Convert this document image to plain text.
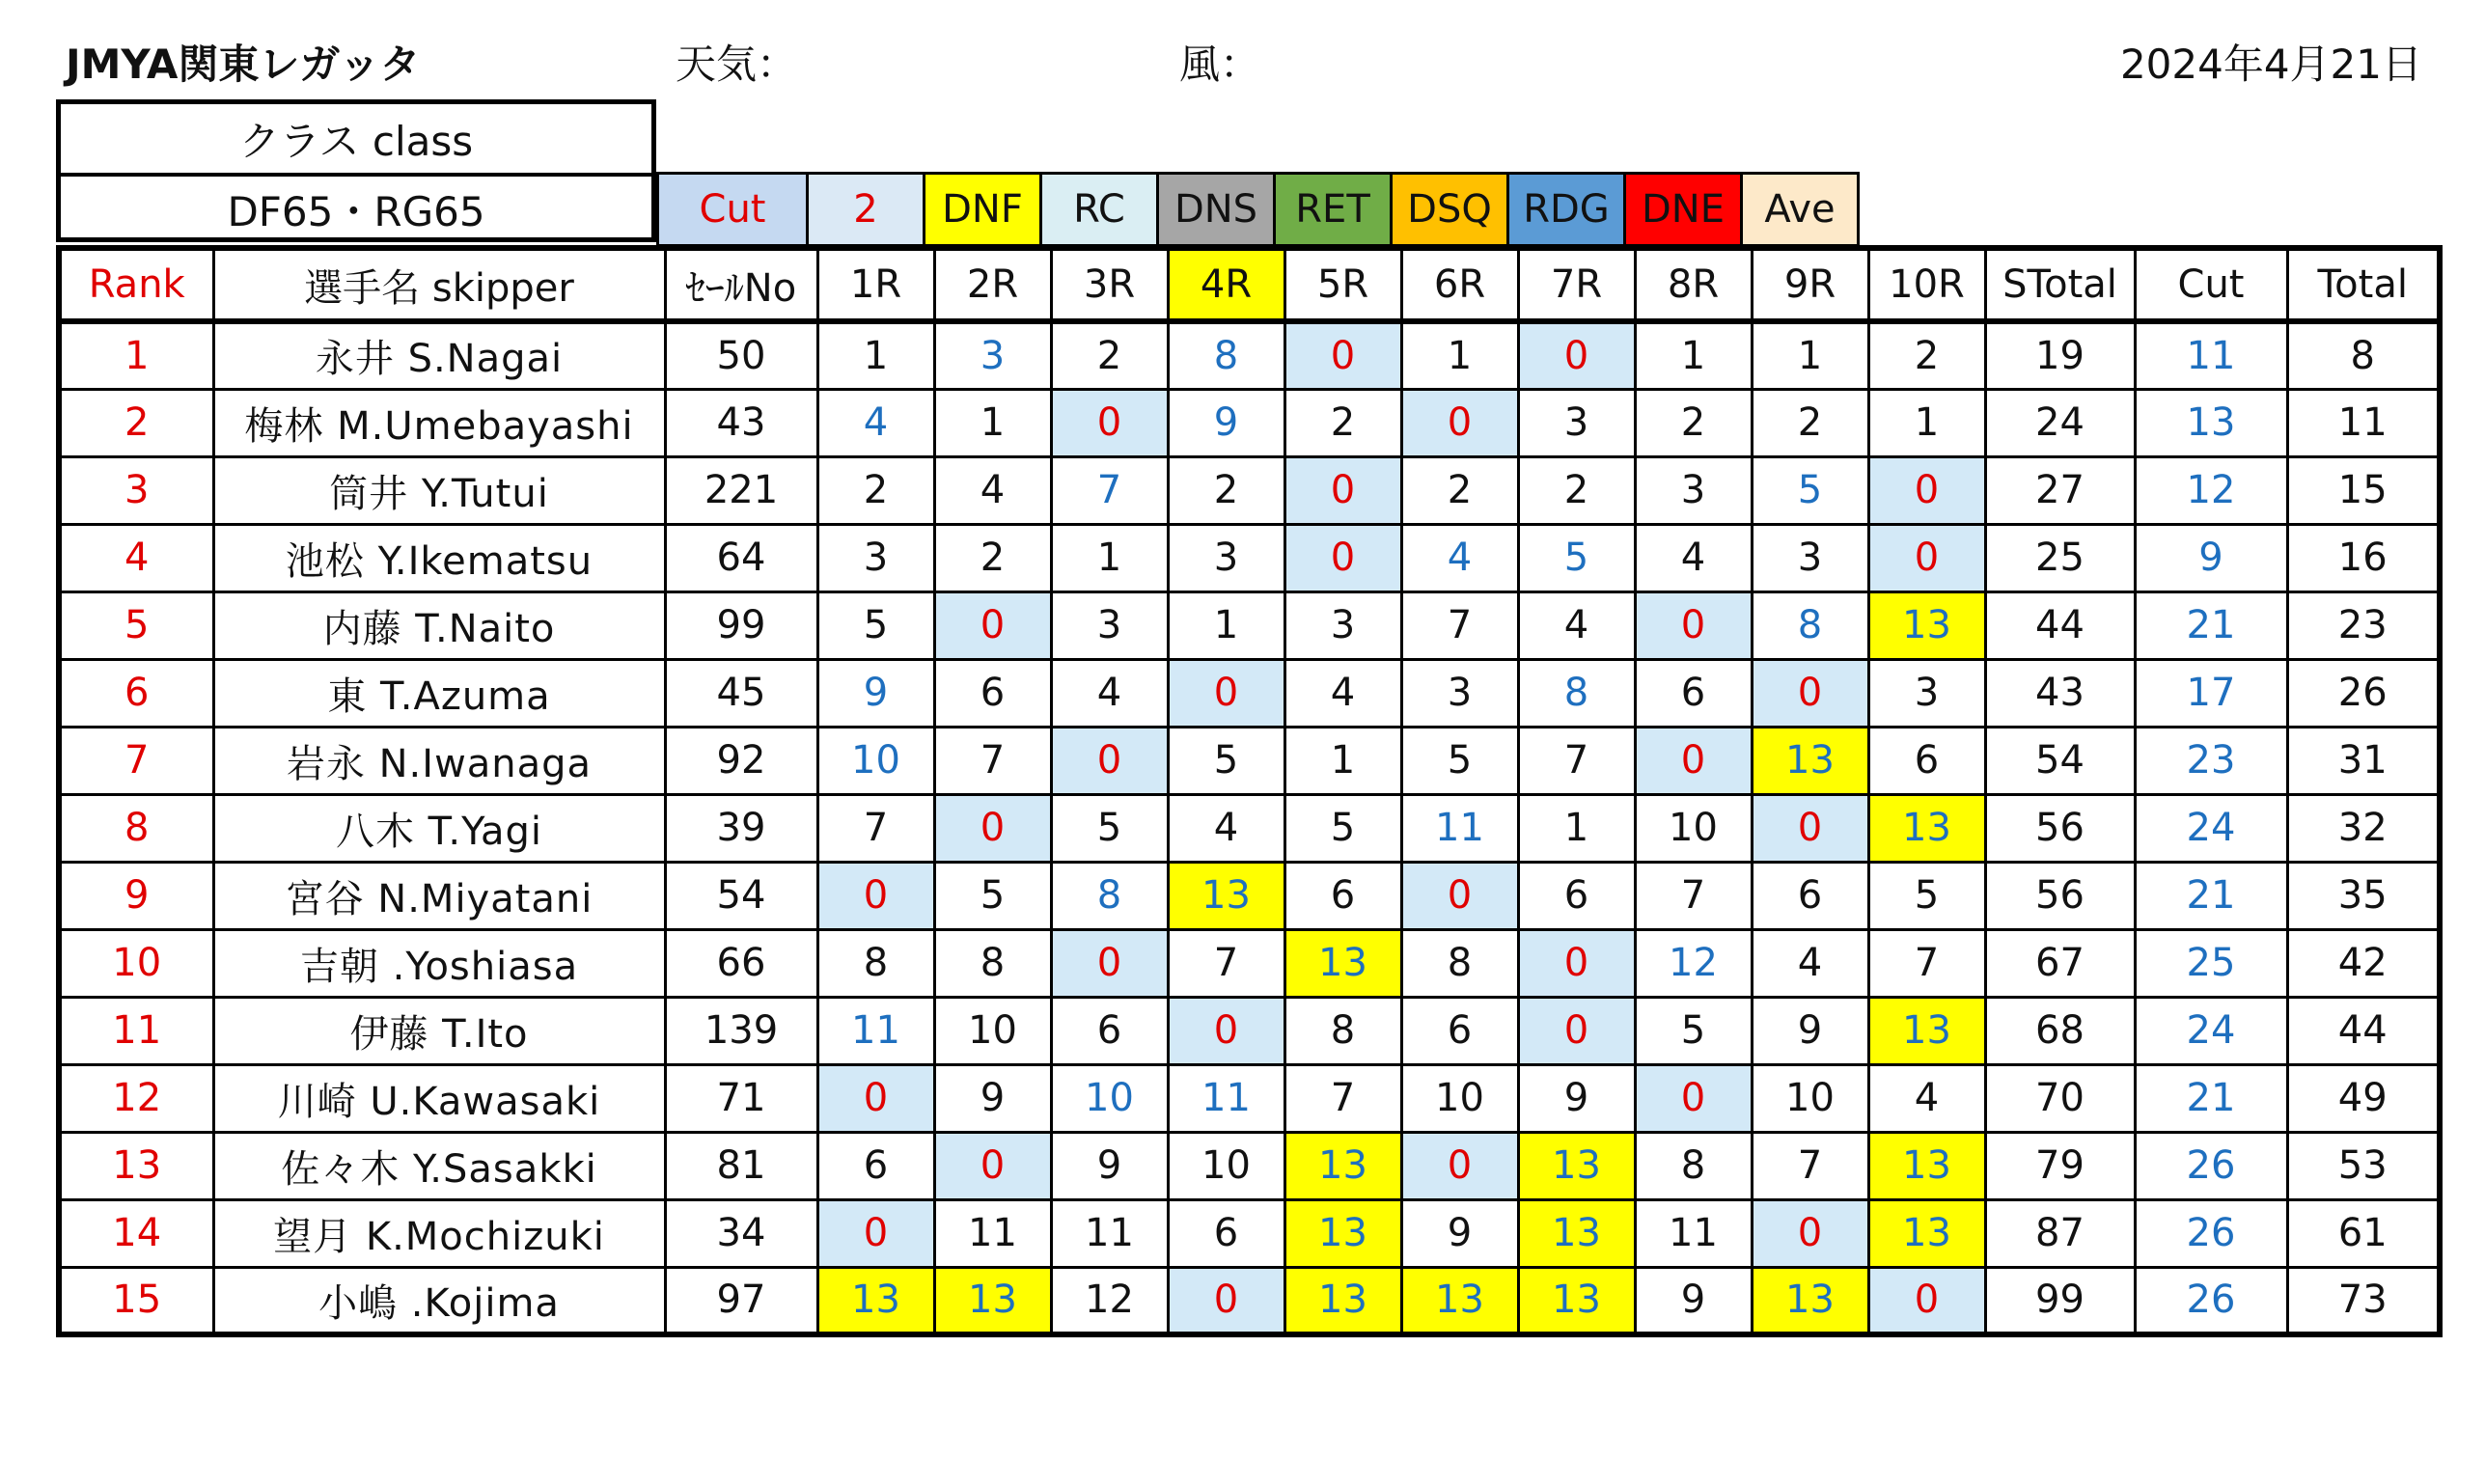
JMYA関東レガッタ	天気：	風：	2024年4月21日
クラス class
DF65・RG65	Cut	2	DNF	RC	DNS RET DSQ RDG DNE	Ave
Rank	選手名 skipper	ｾｰﾙNo	1R	2R	3R	4R	5R	6R	7R	8R	9R	10R	STotal	Cut	Total
1	永井 S.Nagai	50	1	3	2	8	0	1	0	1	1	2	19	11	8
2	梅林 M.Umebayashi	43	4	1	0	9	2	0	3	2	2	1	24	13	11
3	筒井 Y.Tutui	221	2	4	7	2	0	2	2	3	5	0	27	12	15
4	池松 Y.Ikematsu	64	3	2	1	3	0	4	5	4	3	0	25	9	16
5	内藤 T.Naito	99	5	0	3	1	3	7	4	0	8	13	44	21	23
6	東 T.Azuma	45	9	6	4	0	4	3	8	6	0	3	43	17	26
7	岩永 N.Iwanaga	92	10	7	0	5	1	5	7	0	13	6	54	23	31
8	八木 T.Yagi	39	7	0	5	4	5	11	1	10	0	13	56	24	32
9	宮谷 N.Miyatani	54	0	5	8	13	6	0	6	7	6	5	56	21	35
10	吉朝 .Yoshiasa	66	8	8	0	7	13	8	0	12	4	7	67	25	42
11	伊藤 T.Ito	139	11	10	6	0	8	6	0	5	9	13	68	24	44
12	川崎 U.Kawasaki	71	0	9	10	11	7	10	9	0	10	4	70	21	49
13	佐々木 Y.Sasakki	81	6	0	9	10	13	0	13	8	7	13	79	26	53
14	望月 K.Mochizuki	34	0	11	11	6	13	9	13	11	0	13	87	26	61
15	小嶋 .Kojima	97	13	13	12	0	13	13	13	9	13	0	99	26	73
